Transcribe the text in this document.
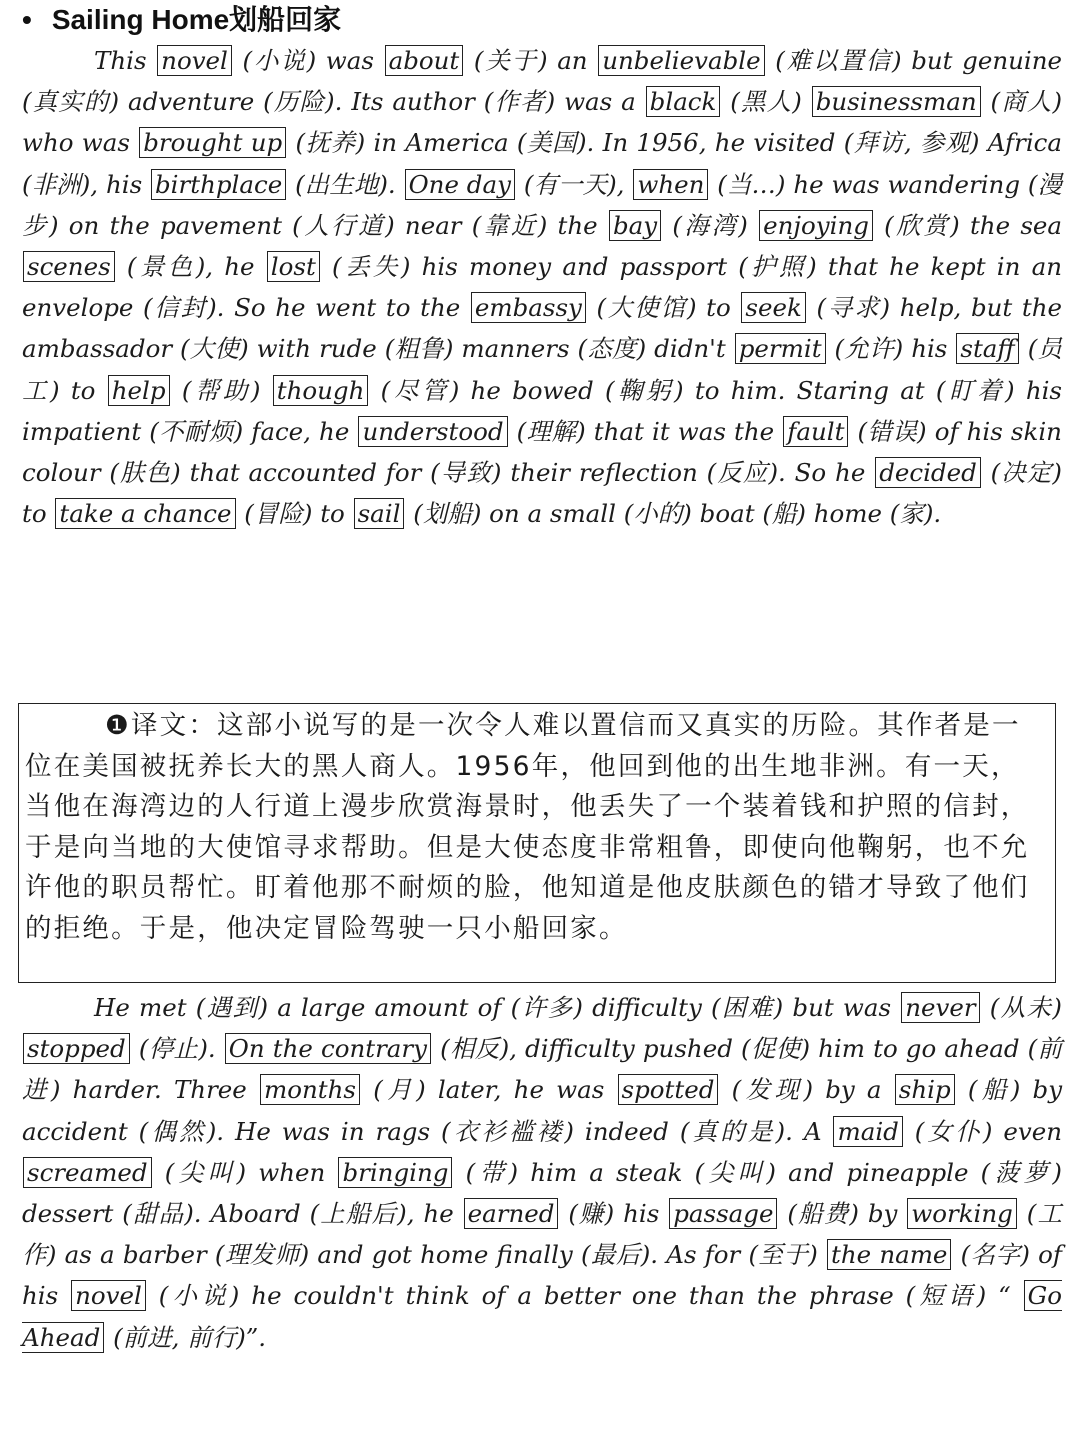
• Sailing Home划船回家
This novel (小说) was about (关于) an unbelievable (难以置信) but genuine (真实的) adventure (历险). Its author (作者) was a black (黑人) businessman (商人) who was brought up (抚养) in America (美国). In 1956, he visited (拜访, 参观) Africa (非洲), his birthplace (出生地). One day (有一天), when (当…) he was wandering (漫步) on the pavement (人行道) near (靠近) the bay (海湾) enjoying (欣赏) the sea scenes (景色), he lost (丢失) his money and passport (护照) that he kept in an envelope (信封). So he went to the embassy (大使馆) to seek (寻求) help, but the ambassador (大使) with rude (粗鲁) manners (态度) didn't permit (允许) his staff (员工) to help (帮助) though (尽管) he bowed (鞠躬) to him. Staring at (盯着) his impatient (不耐烦) face, he understood (理解) that it was the fault (错误) of his skin colour (肤色) that accounted for (导致) their reflection (反应). So he decided (决定) to take a chance (冒险) to sail (划船) on a small (小的) boat (船) home (家).
❶译文：这部小说写的是一次令人难以置信而又真实的历险。其作者是一位在美国被抚养长大的黑人商人。1956年，他回到他的出生地非洲。有一天，当他在海湾边的人行道上漫步欣赏海景时，他丢失了一个装着钱和护照的信封，于是向当地的大使馆寻求帮助。但是大使态度非常粗鲁，即使向他鞠躬，也不允许他的职员帮忙。盯着他那不耐烦的脸，他知道是他皮肤颜色的错才导致了他们的拒绝。于是，他决定冒险驾驶一只小船回家。
He met (遇到) a large amount of (许多) difficulty (困难) but was never (从未) stopped (停止). On the contrary (相反), difficulty pushed (促使) him to go ahead (前进) harder. Three months (月) later, he was spotted (发现) by a ship (船) by accident (偶然). He was in rags (衣衫褴褛) indeed (真的是). A maid (女仆) even screamed (尖叫) when bringing (带) him a steak (尖叫) and pineapple (菠萝) dessert (甜品). Aboard (上船后), he earned (赚) his passage (船费) by working (工作) as a barber (理发师) and got home finally (最后). As for (至于) the name (名字) of his novel (小说) he couldn't think of a better one than the phrase (短语) “ Go Ahead (前进, 前行)”.
